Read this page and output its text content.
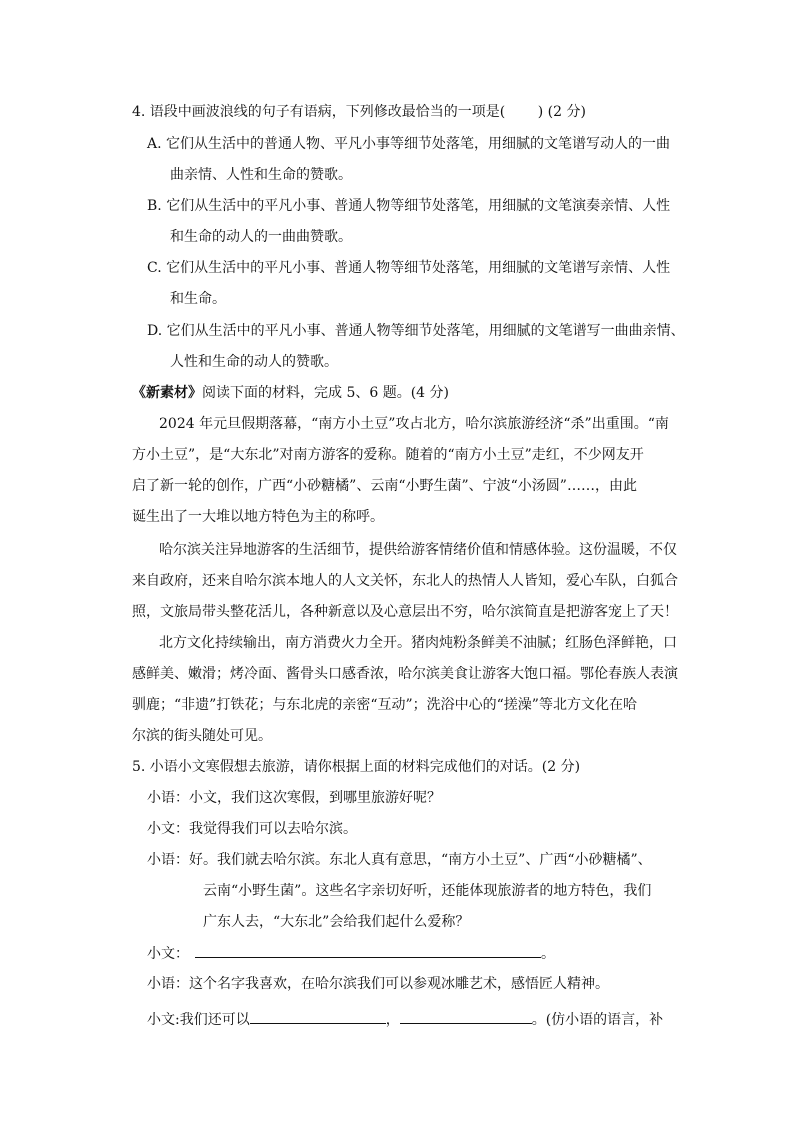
4. 语段中画波浪线的句子有语病，下列修改最恰当的一项是(　　 ) (2 分)
A. 它们从生活中的普通人物、平凡小事等细节处落笔，用细腻的文笔谱写动人的一曲
曲亲情、人性和生命的赞歌。
B. 它们从生活中的平凡小事、普通人物等细节处落笔，用细腻的文笔演奏亲情、人性
和生命的动人的一曲曲赞歌。
C. 它们从生活中的平凡小事、普通人物等细节处落笔，用细腻的文笔谱写亲情、人性
和生命。
D. 它们从生活中的平凡小事、普通人物等细节处落笔，用细腻的文笔谱写一曲曲亲情、
人性和生命的动人的赞歌。
《新素材》阅读下面的材料，完成 5、6 题。(4 分)
2024 年元旦假期落幕，“南方小土豆”攻占北方，哈尔滨旅游经济“杀”出重围。“南
方小土豆”，是“大东北”对南方游客的爱称。随着的“南方小土豆”走红，不少网友开
启了新一轮的创作，广西“小砂糖橘”、云南“小野生菌”、宁波“小汤圆”……，由此
诞生出了一大堆以地方特色为主的称呼。
哈尔滨关注异地游客的生活细节，提供给游客情绪价值和情感体验。这份温暖，不仅
来自政府，还来自哈尔滨本地人的人文关怀，东北人的热情人人皆知，爱心车队，白狐合
照，文旅局带头整花活儿，各种新意以及心意层出不穷，哈尔滨简直是把游客宠上了天！
北方文化持续输出，南方消费火力全开。猪肉炖粉条鲜美不油腻；红肠色泽鲜艳，口
感鲜美、嫩滑；烤冷面、酱骨头口感香浓，哈尔滨美食让游客大饱口福。鄂伦春族人表演
驯鹿；“非遗”打铁花；与东北虎的亲密“互动”；洗浴中心的“搓澡”等北方文化在哈
尔滨的街头随处可见。
5. 小语小文寒假想去旅游，请你根据上面的材料完成他们的对话。(2 分)
小语：小文，我们这次寒假，到哪里旅游好呢？
小文：我觉得我们可以去哈尔滨。
小语：好。我们就去哈尔滨。东北人真有意思，“南方小土豆”、广西“小砂糖橘”、
云南“小野生菌”。这些名字亲切好听，还能体现旅游者的地方特色，我们
广东人去，“大东北”会给我们起什么爱称？
小文：	。
小语：这个名字我喜欢，在哈尔滨我们可以参观冰雕艺术，感悟匠人精神。
小文:我们还可以	，	。(仿小语的语言，补
